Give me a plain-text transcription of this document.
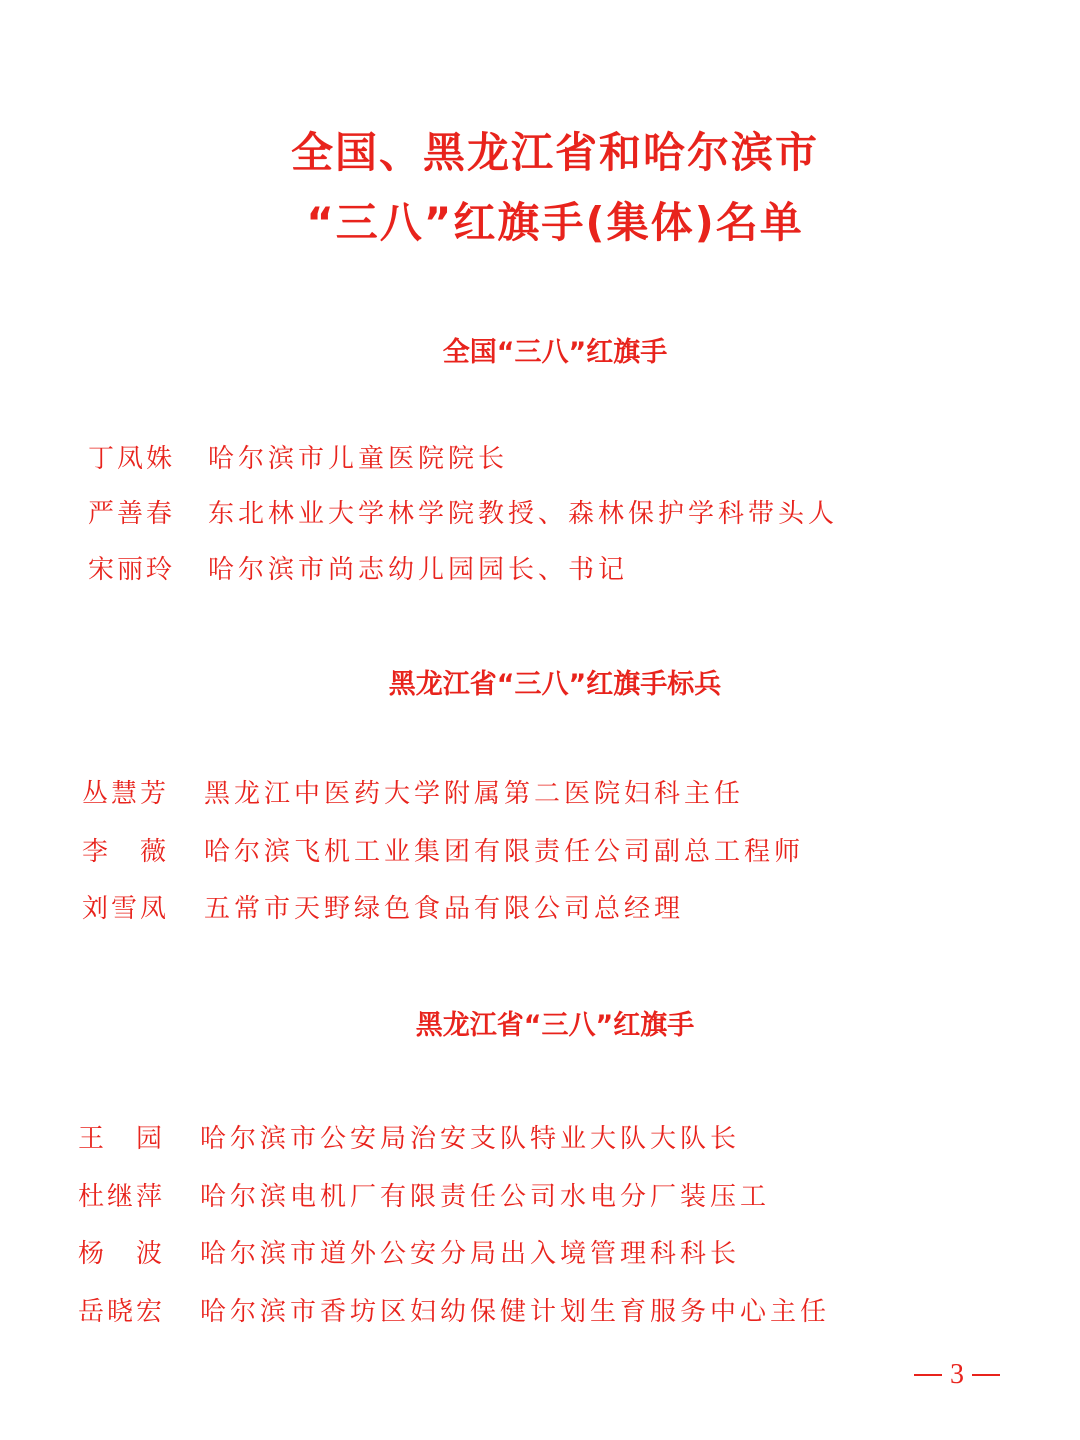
全国、黑龙江省和哈尔滨市
“三八”红旗手(集体)名单
全国“三八”红旗手
丁凤姝	哈尔滨市儿童医院院长
严善春	东北林业大学林学院教授、森林保护学科带头人
宋丽玲	哈尔滨市尚志幼儿园园长、书记
黑龙江省“三八”红旗手标兵
丛慧芳	黑龙江中医药大学附属第二医院妇科主任
李　薇	哈尔滨飞机工业集团有限责任公司副总工程师
刘雪凤	五常市天野绿色食品有限公司总经理
黑龙江省“三八”红旗手
王　园	哈尔滨市公安局治安支队特业大队大队长
杜继萍	哈尔滨电机厂有限责任公司水电分厂装压工
杨　波	哈尔滨市道外公安分局出入境管理科科长
岳晓宏	哈尔滨市香坊区妇幼保健计划生育服务中心主任
3
